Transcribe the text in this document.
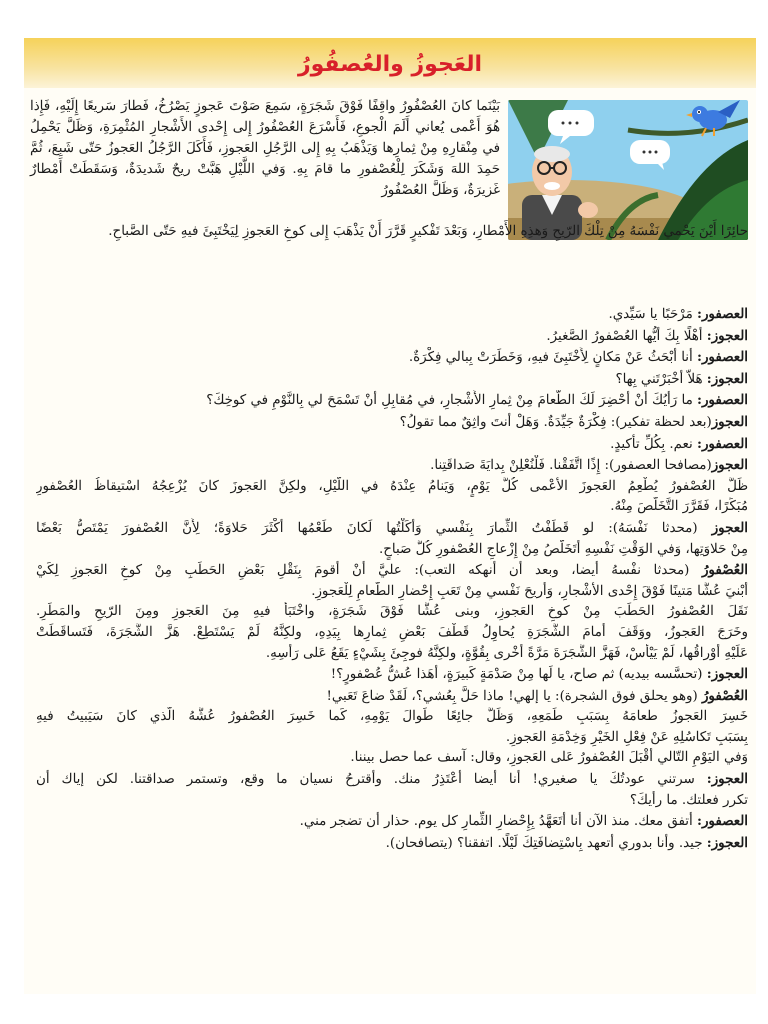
العَجوزُ والعُصفُورُ

بَيْنَما كانَ العُصْفُورُ واقِفًا فَوْقَ شَجَرَةٍ، سَمِعَ صَوْتَ عَجوزٍ يَصْرُخُ، فَطارَ سَريعًا إِلَيْهِ، فَإِذا هُوَ أَعْمى يُعاني أَلَمَ الْجوعِ، فَأَسْرَعَ العُصْفُورُ إِلى إِحْدى الأَشْجارِ المُثْمِرَةِ، وَظَلَّ يَحْمِلُ في مِنْقارِهِ مِنْ ثِمارِها وَيَذْهَبُ بِهِ إِلى الرَّجُلِ العَجوزِ، فَأَكَلَ الرَّجُلُ العَجوزُ حَتّى شَبِعَ، ثُمَّ حَمِدَ اللهَ وَشَكَرَ لِلْعُصْفورِ ما قامَ بِهِ. وَفي اللَّيْلِ هَبَّتْ ريحٌ شَديدَةٌ، وَسَقَطَتْ أَمْطارٌ غَزيرَةٌ، وَظَلَّ العُصْفُورُ

حائِرًا أَيْنَ يَحْمي نَفْسَهُ مِنْ تِلْكَ الرّيحِ وَهذِهِ الأَمْطارِ، وَبَعْدَ تَفْكيرٍ قَرَّرَ أَنْ يَذْهَبَ إِلى كوخِ العَجوزِ لِيَخْتَبِئَ فيهِ حَتّى الصَّباحِ.

العصفور: مَرْحَبًا يا سَيِّدي.
العجوز: أَهْلًا بِكَ أَيُّها العُصْفورُ الصَّغيرُ.
العصفور: أَنا أَبْحَثُ عَنْ مَكانٍ لِأَخْتَبِئَ فيهِ، وَخَطَرَتْ بِبالي فِكْرَةٌ.
العجوز: هَلاّ أَخْبَرْتَني بِها؟
العصفور: ما رَأْيُكَ أَنْ أُحْضِرَ لَكَ الطَّعامَ مِنْ ثِمارِ الأَشْجارِ، في مُقابِلِ أَنْ تَسْمَحَ لي بِالنَّوْمِ في كوخِكَ؟
العجوز(بعد لحظة تفكير): فِكْرَةٌ جَيِّدَةٌ. وَهَلْ أَنتَ واثِقٌ مما تقولُ؟
العصفور: نعم. بِكُلِّ تأْكيدٍ.
العجوز(مصافحا العصفور): إِذًا اتَّفَقْنا. فَلْنُعْلِنْ بِدايَةَ صَداقَتِنا.
ظَلَّ العُصْفورُ يُطْعِمُ العَجوزَ الأَعْمى كُلَّ يَوْمٍ، وَيَنامُ عِنْدَهُ في اللَّيْلِ، ولكِنَّ العَجوزَ كانَ يُزْعِجُهُ اسْتيقاظُ العُصْفورِ
مُبَكِّرًا، فَقَرَّرَ التَّخَلُّصَ مِنْهُ.
العجوز (محدثا نَفْسَهُ): لو قَطَفْتُ الثِّمارَ بِنَفْسي وَأَكَلْتُها لَكانَ طَعْمُها أَكْثَرَ حَلاوَةً؛ لِأَنَّ العُصْفورَ يَمْتَصُّ بَعْضًا
مِنْ حَلاوَتِها، وَفي الوَقْتِ نَفْسِهِ أَتَخَلَّصُ مِنْ إِزْعاجِ العُصْفورِ كُلَّ صَباحٍ.
العُصْفورُ (محدثا نفْسهُ أيضا، وبعد أن أنهكه التعب): عليَّ أَنْ أَقومَ بِنَقْلِ بَعْضِ الحَطَبِ مِنْ كوخِ العَجوزِ لِكَيْ
أَبْنيَ عُشًّا مَتينًا فَوْقَ إِحْدى الأَشْجارِ، وَأُريحَ نَفْسي مِنْ تَعَبِ إِحْضارِ الطَّعامِ لِلْعَجوزِ.
نَقَلَ العُصْفورُ الحَطَبَ مِنْ كوخِ العَجوزِ، وبنى عُشًّا فَوْقَ شَجَرَةٍ، واخْتَبَأَ فيهِ مِنَ العَجوزِ ومِنَ الرّيحِ والمَطَرِ.
وخَرَجَ العَجوزُ، ووَقَفَ أَمامَ الشَّجَرَةِ يُحاوِلُ قَطْفَ بَعْضِ ثِمارِها بِيَدِهِ، ولكِنَّهُ لَمْ يَسْتَطِعْ. هَزَّ الشَّجَرَةَ، فَتَساقَطَتْ
عَلَيْهِ أَوْراقُها، لَمْ يَيْأَسْ، فَهَزَّ الشَّجَرَةَ مَرَّةً أُخْرى بِقُوَّةٍ، ولكِنَّهُ فوجِئَ بِشَيْءٍ يَقَعُ عَلى رَأْسِهِ.
العجوز: (تحسَّسه بيديه) ثم صاح، يا لَها مِنْ صَدْمَةٍ كَبيرَةٍ، أَهَذا عُشُّ عُصْفورٍ؟!
العُصْفورُ (وهو يحلق فوق الشجرة): يا إلهي! ماذا حَلَّ بِعُشي؟، لَقَدْ ضاعَ تَعَبي!
خَسِرَ العَجوزُ طعامَهُ بِسَبَبِ طَمَعِهِ، وَظَلَّ جائِعًا طَوالَ يَوْمِهِ، كَما خَسِرَ العُصْفورُ عُشَّهُ الَّذي كانَ سَيَبيتُ فيهِ
بِسَبَبِ تَكاسُلِهِ عَنْ فِعْلِ الخَيْرِ وَخِدْمَةِ العَجوزِ.
وَفي اليَوْمِ التّالي أَقْبَلَ العُصْفورُ عَلى العَجوزِ، وقال: آسف عما حصل بيننا.
العجوز: سرتني عودتُكَ يا صغيري! أنا أيضا أَعْتَذِرُ منك. وأقترحُ نسيان ما وقع، وتستمر صداقتنا. لكن إياك أن
تكرر فعلتك. ما رأيكَ؟
العصفور: أتفق معك. منذ الآن أنا أَتَعَهَّدُ بِإِحْضارِ الثِّمارِ كل يوم. حذار أن تضجر مني.
العجوز: جيد. وأنا بدوري أتعهد بِاسْتِضافَتِكَ لَيْلًا. اتفقنا؟ (يتصافحان).
